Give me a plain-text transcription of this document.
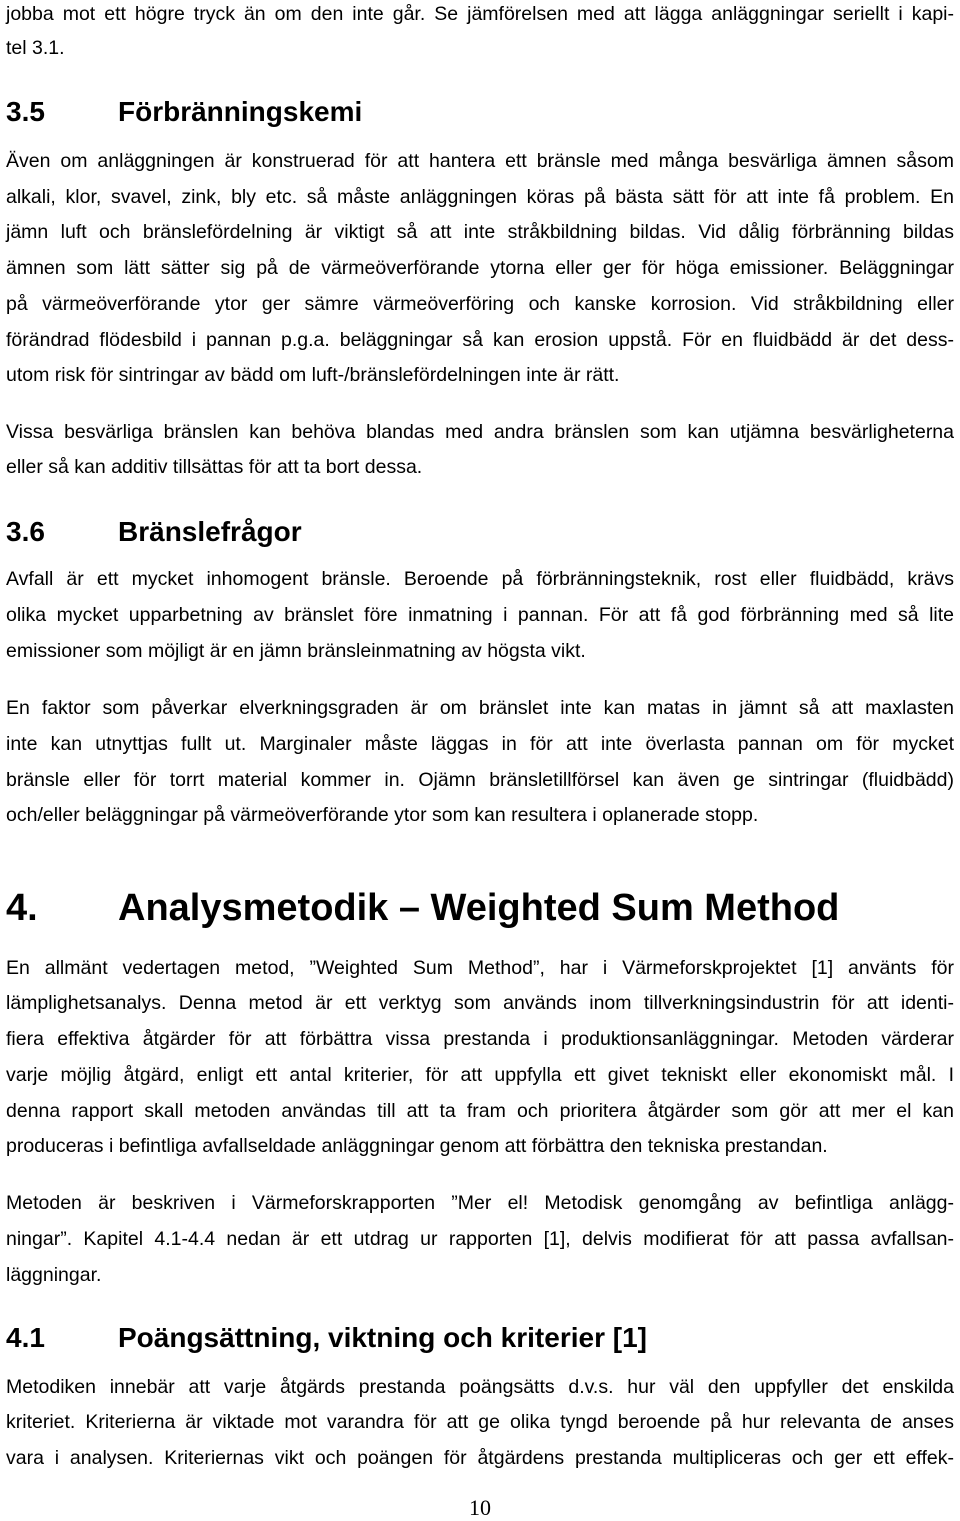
jobba mot ett högre tryck än om den inte går. Se jämförelsen med att lägga anläggningar seriellt i kapi-

tel 3.1.

3.5	Förbränningskemi

Även om anläggningen är konstruerad för att hantera ett bränsle med många besvärliga ämnen såsom

alkali, klor, svavel, zink, bly etc. så måste anläggningen köras på bästa sätt för att inte få problem. En

jämn luft och bränslefördelning är viktigt så att inte stråkbildning bildas. Vid dålig förbränning bildas

ämnen som lätt sätter sig på de värmeöverförande ytorna eller ger för höga emissioner. Beläggningar

på värmeöverförande ytor ger sämre värmeöverföring och kanske korrosion. Vid stråkbildning eller

förändrad flödesbild i pannan p.g.a. beläggningar så kan erosion uppstå. För en fluidbädd är det dess-

utom risk för sintringar av bädd om luft-/bränslefördelningen inte är rätt.

Vissa besvärliga bränslen kan behöva blandas med andra bränslen som kan utjämna besvärligheterna

eller så kan additiv tillsättas för att ta bort dessa.

3.6	Bränslefrågor

Avfall är ett mycket inhomogent bränsle. Beroende på förbränningsteknik, rost eller fluidbädd, krävs

olika mycket upparbetning av bränslet före inmatning i pannan. För att få god förbränning med så lite

emissioner som möjligt är en jämn bränsleinmatning av högsta vikt.

En faktor som påverkar elverkningsgraden är om bränslet inte kan matas in jämnt så att maxlasten

inte kan utnyttjas fullt ut. Marginaler måste läggas in för att inte överlasta pannan om för mycket

bränsle eller för torrt material kommer in. Ojämn bränsletillförsel kan även ge sintringar (fluidbädd)

och/eller beläggningar på värmeöverförande ytor som kan resultera i oplanerade stopp.

4. Analysmetodik – Weighted Sum Method

En allmänt vedertagen metod, ”Weighted Sum Method”, har i Värmeforskprojektet [1] använts för

lämplighetsanalys. Denna metod är ett verktyg som används inom tillverkningsindustrin för att identi-

fiera effektiva åtgärder för att förbättra vissa prestanda i produktionsanläggningar. Metoden värderar

varje möjlig åtgärd, enligt ett antal kriterier, för att uppfylla ett givet tekniskt eller ekonomiskt mål. I

denna rapport skall metoden användas till att ta fram och prioritera åtgärder som gör att mer el kan

produceras i befintliga avfallseldade anläggningar genom att förbättra den tekniska prestandan.

Metoden är beskriven i Värmeforskrapporten ”Mer el! Metodisk genomgång av befintliga anlägg-

ningar”. Kapitel 4.1-4.4 nedan är ett utdrag ur rapporten [1], delvis modifierat för att passa avfallsan-

läggningar.

4.1	Poängsättning, viktning och kriterier [1]

Metodiken innebär att varje åtgärds prestanda poängsätts d.v.s. hur väl den uppfyller det enskilda

kriteriet. Kriterierna är viktade mot varandra för att ge olika tyngd beroende på hur relevanta de anses

vara i analysen. Kriteriernas vikt och poängen för åtgärdens prestanda multipliceras och ger ett effek-

10
